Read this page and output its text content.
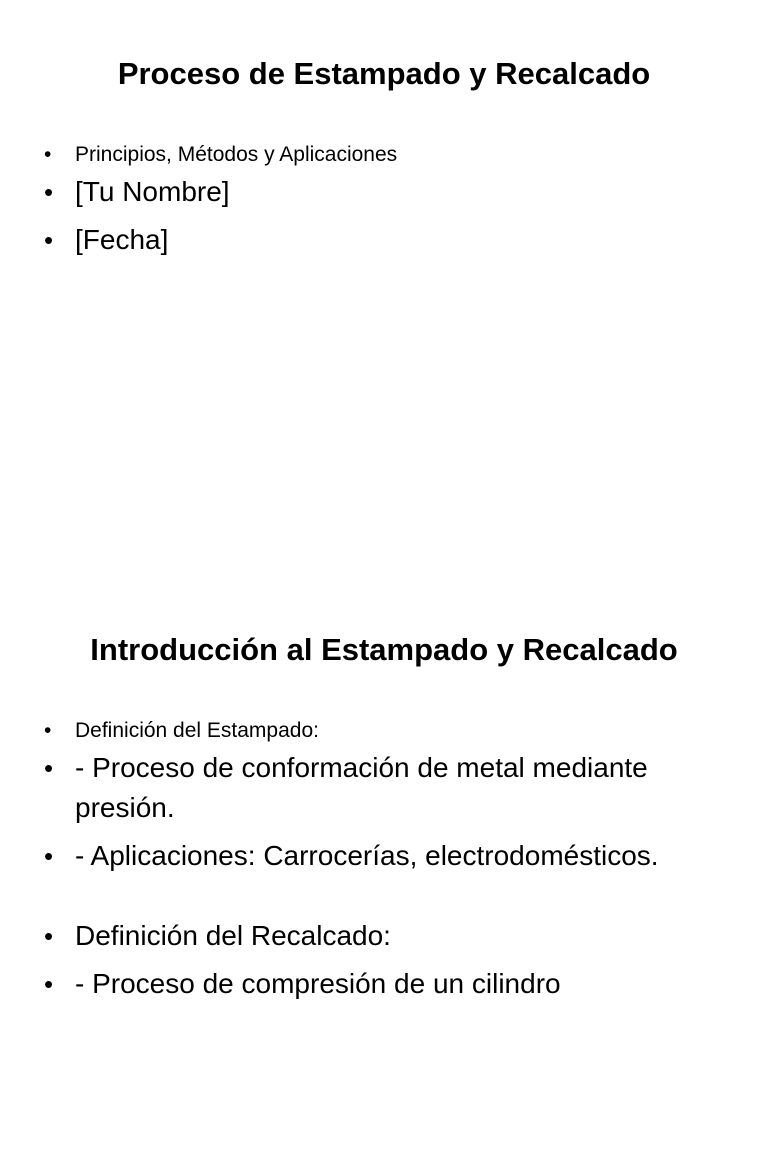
Proceso de Estampado y Recalcado
• Principios, Métodos y Aplicaciones
• [Tu Nombre]
• [Fecha]
Introducción al Estampado y Recalcado
• Definición del Estampado:
• - Proceso de conformación de metal mediante presión.
• - Aplicaciones: Carrocerías, electrodomésticos.
• Definición del Recalcado:
• - Proceso de compresión de un cilindro
